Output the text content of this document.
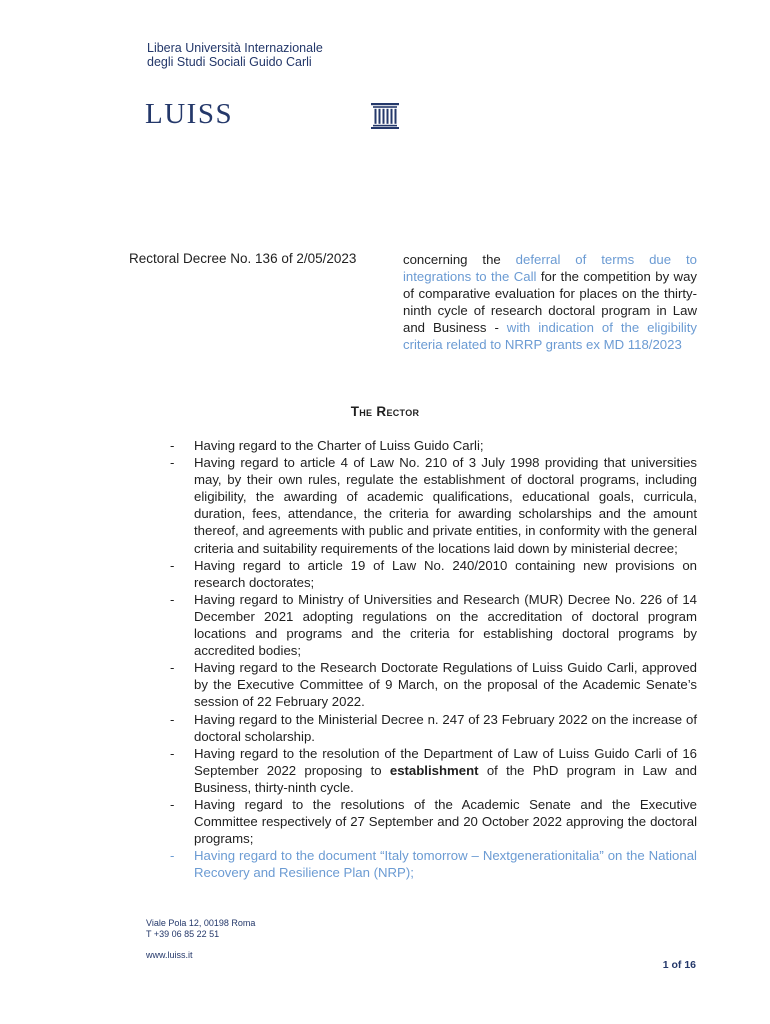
Libera Università Internazionale
degli Studi Sociali Guido Carli
LUISS
Rectoral Decree No. 136 of 2/05/2023	concerning the deferral of terms due to integrations to the Call for the competition by way of comparative evaluation for places on the thirty-ninth cycle of research doctoral program in Law and Business - with indication of the eligibility criteria related to NRRP grants ex MD 118/2023
The Rector
- Having regard to the Charter of Luiss Guido Carli;
- Having regard to article 4 of Law No. 210 of 3 July 1998 providing that universities may, by their own rules, regulate the establishment of doctoral programs, including eligibility, the awarding of academic qualifications, educational goals, curricula, duration, fees, attendance, the criteria for awarding scholarships and the amount thereof, and agreements with public and private entities, in conformity with the general criteria and suitability requirements of the locations laid down by ministerial decree;
- Having regard to article 19 of Law No. 240/2010 containing new provisions on research doctorates;
- Having regard to Ministry of Universities and Research (MUR) Decree No. 226 of 14 December 2021 adopting regulations on the accreditation of doctoral program locations and programs and the criteria for establishing doctoral programs by accredited bodies;
- Having regard to the Research Doctorate Regulations of Luiss Guido Carli, approved by the Executive Committee of 9 March, on the proposal of the Academic Senate’s session of 22 February 2022.
- Having regard to the Ministerial Decree n. 247 of 23 February 2022 on the increase of doctoral scholarship.
- Having regard to the resolution of the Department of Law of Luiss Guido Carli of 16 September 2022 proposing to establishment of the PhD program in Law and Business, thirty-ninth cycle.
- Having regard to the resolutions of the Academic Senate and the Executive Committee respectively of 27 September and 20 October 2022 approving the doctoral programs;
- Having regard to the document “Italy tomorrow – Nextgenerationitalia” on the National Recovery and Resilience Plan (NRP);
Viale Pola 12, 00198 Roma
T +39 06 85 22 51
www.luiss.it
1 of 16
